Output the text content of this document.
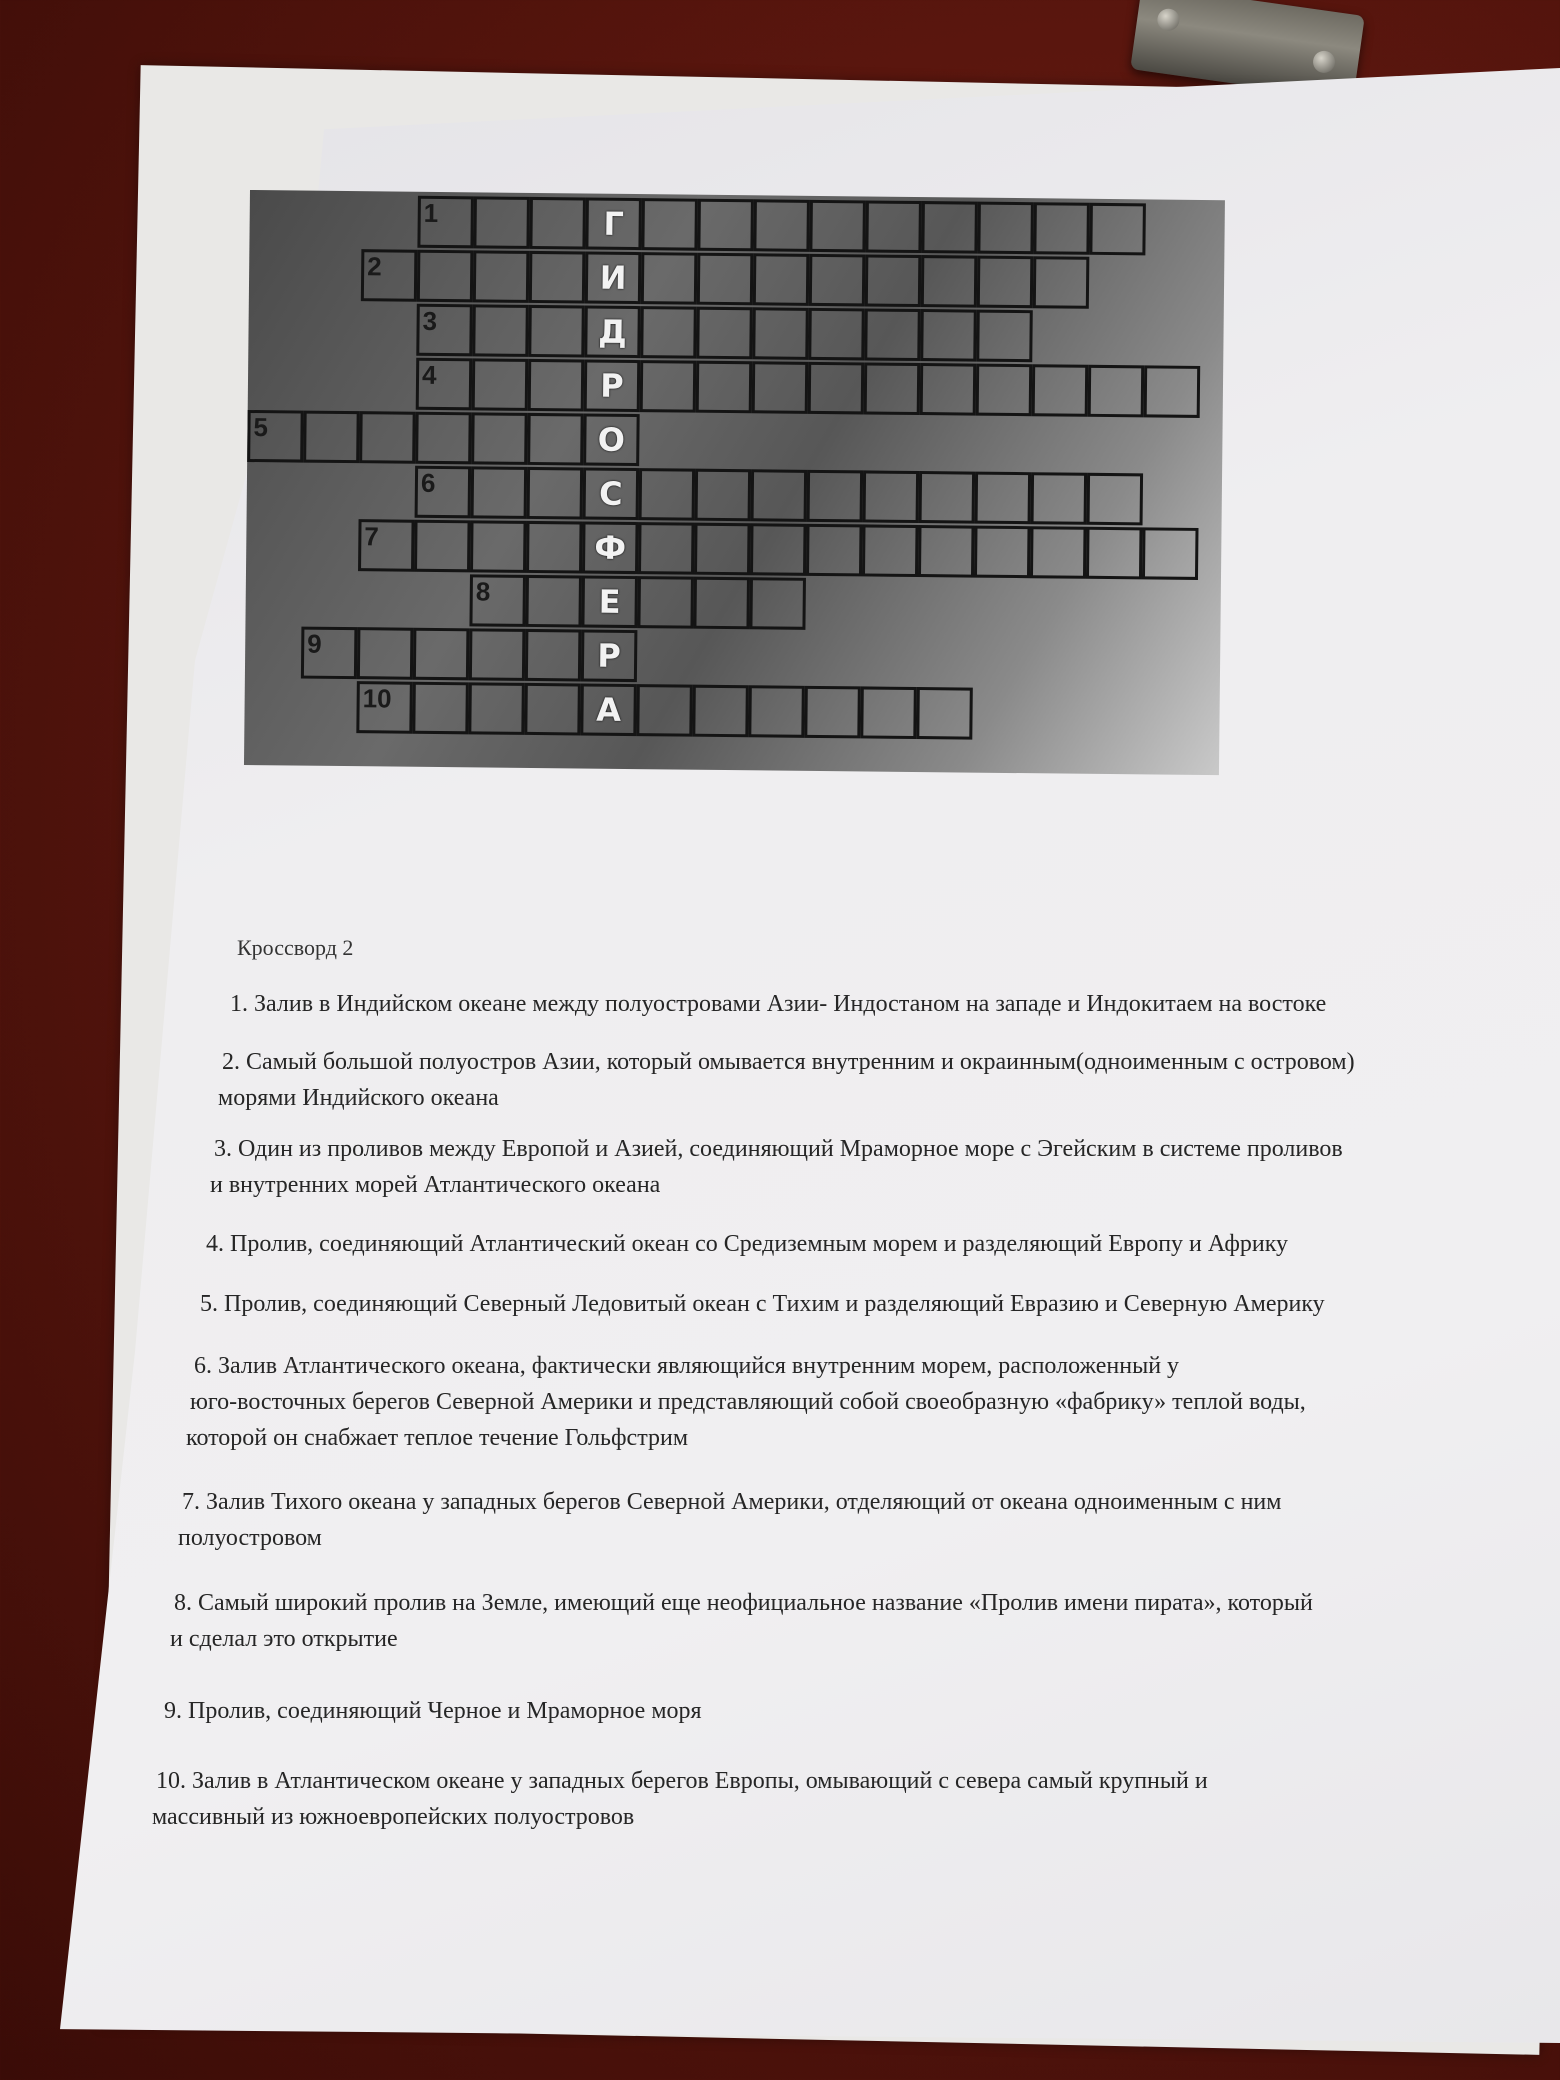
1	Г
2	И
3	Д
4	Р
5	О
6	С
7	Ф
8	Е
9	Р
10	А
Кроссворд 2
1. Залив в Индийском океане между полуостровами Азии- Индостаном на западе и Индокитаем на востоке
2. Самый большой полуостров Азии, который омывается внутренним и окраинным(одноименным с островом)
морями Индийского океана
3. Один из проливов между Европой и Азией, соединяющий Мраморное море с Эгейским в системе проливов
и внутренних морей Атлантического океана
4. Пролив, соединяющий Атлантический океан со Средиземным морем и разделяющий Европу и Африку
5. Пролив, соединяющий Северный Ледовитый океан с Тихим и разделяющий Евразию и Северную Америку
6. Залив Атлантического океана, фактически являющийся внутренним морем, расположенный у
юго-восточных берегов Северной Америки и представляющий собой своеобразную «фабрику» теплой воды,
которой он снабжает теплое течение Гольфстрим
7. Залив Тихого океана у западных берегов Северной Америки, отделяющий от океана одноименным с ним
полуостровом
8. Самый широкий пролив на Земле, имеющий еще неофициальное название «Пролив имени пирата», который
и сделал это открытие
9. Пролив, соединяющий Черное и Мраморное моря
10. Залив в Атлантическом океане у западных берегов Европы, омывающий с севера самый крупный и
массивный из южноевропейских полуостровов
